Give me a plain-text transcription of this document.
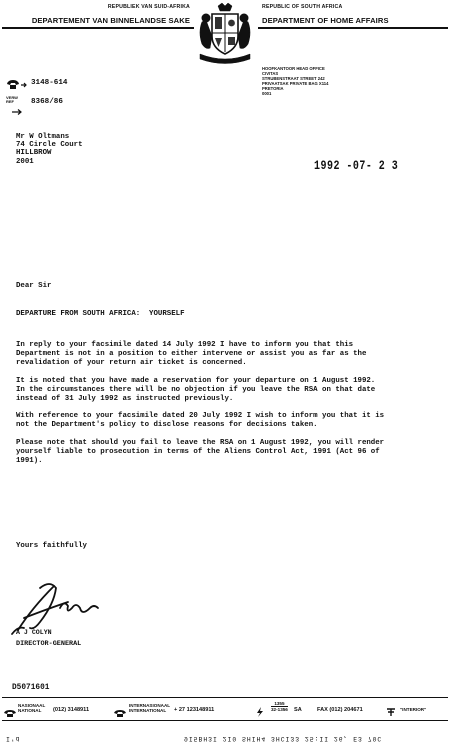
REPUBLIEK VAN SUID-AFRIKA
DEPARTEMENT VAN BINNELANDSE SAKE
REPUBLIC OF SOUTH AFRICA
DEPARTMENT OF HOME AFFAIRS
HOOFKANTOOR HEAD OFFICE
CIVITAS
STRUBENSTRAAT STREET 242
PRIVAATSAK PRIVATE BAG X114
PRETORIA
0001
3148-614
VERW
REF	8368/86
Mr W Oltmans
74 Circle Court
HILLBROW
2001	1992 -07- 2 3
Dear Sir
DEPARTURE FROM SOUTH AFRICA:  YOURSELF

In reply to your facsimile dated 14 July 1992 I have to inform you that this Department is not in a position to either intervene or assist you as far as the revalidation of your return air ticket is concerned.

It is noted that you have made a reservation for your departure on 1 August 1992. In the circumstances there will be no objection if you leave the RSA on that date instead of 31 July 1992 as instructed previously.

With reference to your facsimile dated 20 July 1992 I wish to inform you that it is not the Department's policy to disclose reasons for decisions taken.

Please note that should you fail to leave the RSA on 1 August 1992, you will render yourself liable to prosecution in terms of the Aliens Control Act, 1991 (Act 96 of 1991).

Yours faithfully
A J COLYN
DIRECTOR-GENERAL
D5071601
NASIONAAL
NATIONAL	(012) 3148911
INTERNASIONAAL
INTERNATIONAL	+ 27 123148911
1355
32-1356 SA	FAX (012) 204671	"INTERIOR"
I'd	9I5BH3I 2I0 SHIH4 3HCI33 25:II 26, E3 70C
